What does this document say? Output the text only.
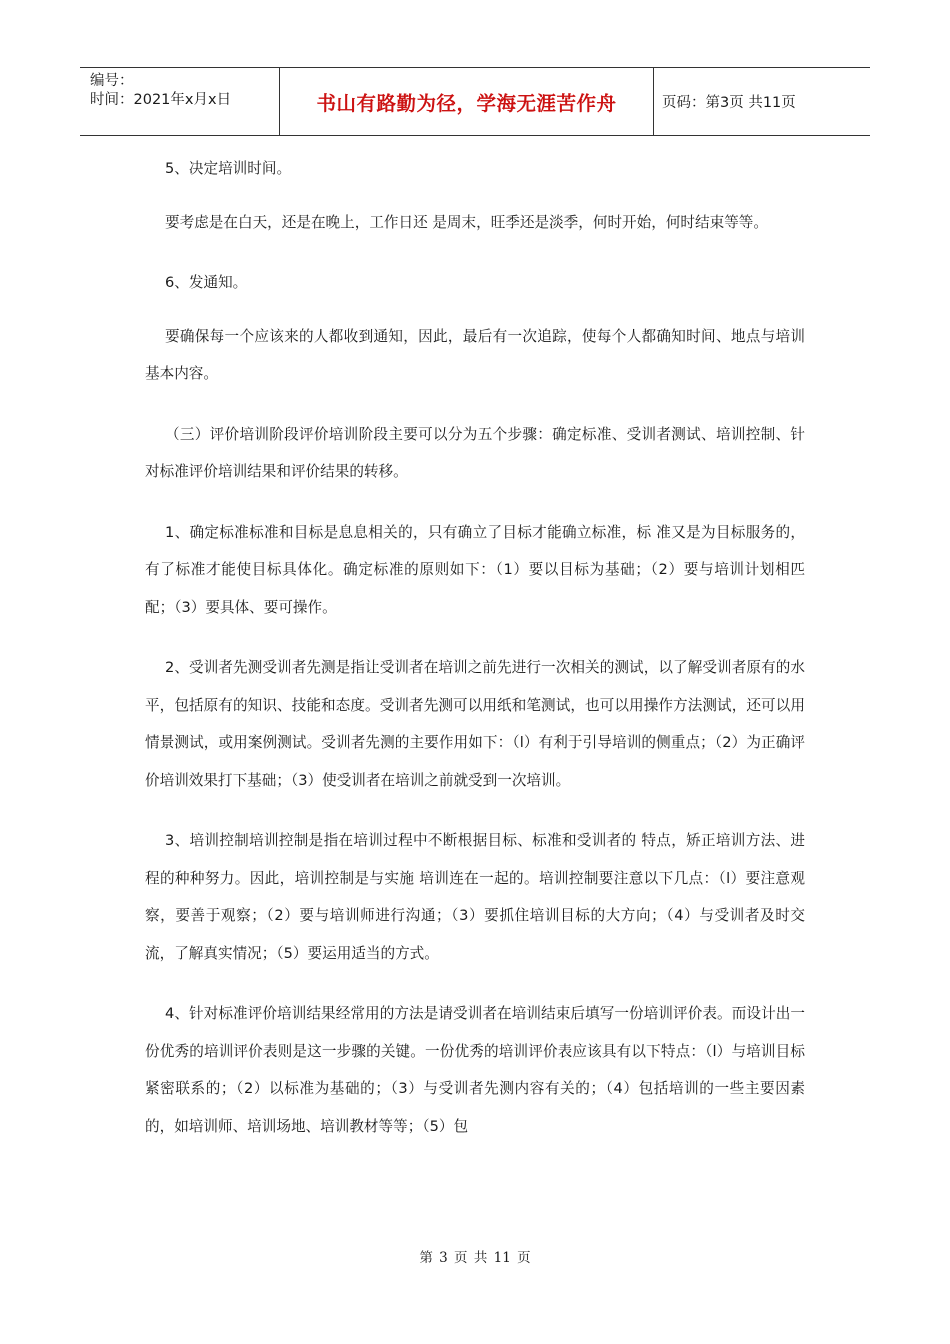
编号：
时间：2021年x月x日	书山有路勤为径，学海无涯苦作舟	页码：第3页 共11页

5、决定培训时间。

要考虑是在白天，还是在晚上，工作日还 是周末，旺季还是淡季，何时开始，何时结束等等。

6、发通知。

要确保每一个应该来的人都收到通知，因此，最后有一次追踪，使每个人都确知时间、地点与培训基本内容。

（三）评价培训阶段评价培训阶段主要可以分为五个步骤：确定标准、受训者测试、培训控制、针对标准评价培训结果和评价结果的转移。

1、确定标准标准和目标是息息相关的，只有确立了目标才能确立标准，标 准又是为目标服务的，有了标准才能使目标具体化。确定标准的原则如下：（1）要以目标为基础；（2）要与培训计划相匹配；（3）要具体、要可操作。

2、受训者先测受训者先测是指让受训者在培训之前先进行一次相关的测试，以了解受训者原有的水平，包括原有的知识、技能和态度。受训者先测可以用纸和笔测试，也可以用操作方法测试，还可以用情景测试，或用案例测试。受训者先测的主要作用如下：（l）有利于引导培训的侧重点；（2）为正确评价培训效果打下基础；（3）使受训者在培训之前就受到一次培训。

3、培训控制培训控制是指在培训过程中不断根据目标、标准和受训者的 特点，矫正培训方法、进程的种种努力。因此，培训控制是与实施 培训连在一起的。培训控制要注意以下几点：（l）要注意观察，要善于观察；（2）要与培训师进行沟通；（3）要抓住培训目标的大方向；（4）与受训者及时交流，了解真实情况；（5）要运用适当的方式。

4、针对标准评价培训结果经常用的方法是请受训者在培训结束后填写一份培训评价表。而设计出一份优秀的培训评价表则是这一步骤的关键。一份优秀的培训评价表应该具有以下特点：（l）与培训目标紧密联系的；（2）以标准为基础的；（3）与受训者先测内容有关的；（4）包括培训的一些主要因素的，如培训师、培训场地、培训教材等等；（5）包

第 3 页 共 11 页
